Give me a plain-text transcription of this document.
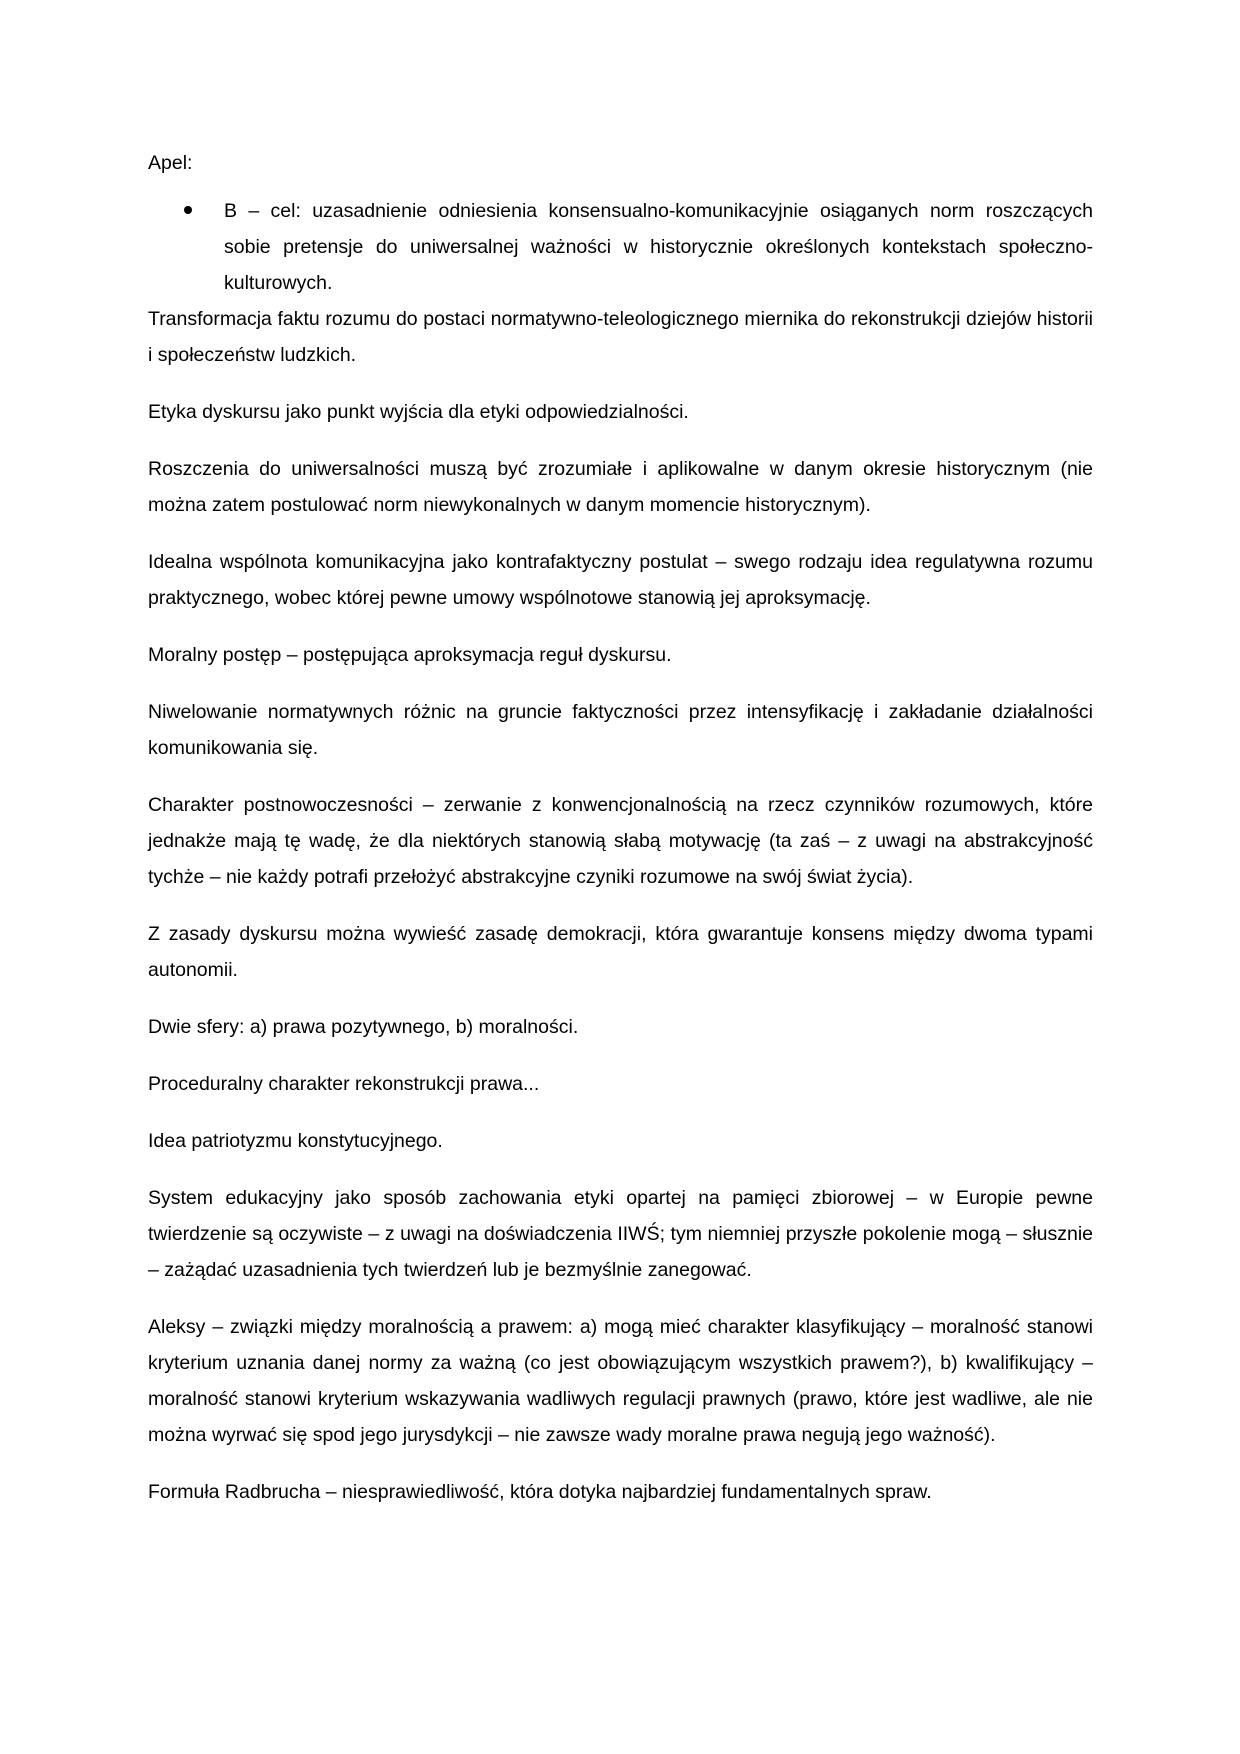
Apel:

B – cel: uzasadnienie odniesienia konsensualno-komunikacyjnie osiąganych norm roszczących sobie pretensje do uniwersalnej ważności w historycznie określonych kontekstach społeczno-kulturowych.

Transformacja faktu rozumu do postaci normatywno-teleologicznego miernika do rekonstrukcji dziejów historii i społeczeństw ludzkich.

Etyka dyskursu jako punkt wyjścia dla etyki odpowiedzialności.

Roszczenia do uniwersalności muszą być zrozumiałe i aplikowalne w danym okresie historycznym (nie można zatem postulować norm niewykonalnych w danym momencie historycznym).

Idealna wspólnota komunikacyjna jako kontrafaktyczny postulat – swego rodzaju idea regulatywna rozumu praktycznego, wobec której pewne umowy wspólnotowe stanowią jej aproksymację.

Moralny postęp – postępująca aproksymacja reguł dyskursu.

Niwelowanie normatywnych różnic na gruncie faktyczności przez intensyfikację i zakładanie działalności komunikowania się.

Charakter postnowoczesności – zerwanie z konwencjonalnością na rzecz czynników rozumowych, które jednakże mają tę wadę, że dla niektórych stanowią słabą motywację (ta zaś – z uwagi na abstrakcyjność tychże – nie każdy potrafi przełożyć abstrakcyjne czyniki rozumowe na swój świat życia).

Z zasady dyskursu można wywieść zasadę demokracji, która gwarantuje konsens między dwoma typami autonomii.

Dwie sfery: a) prawa pozytywnego, b) moralności.

Proceduralny charakter rekonstrukcji prawa...

Idea patriotyzmu konstytucyjnego.

System edukacyjny jako sposób zachowania etyki opartej na pamięci zbiorowej – w Europie pewne twierdzenie są oczywiste – z uwagi na doświadczenia IIWŚ; tym niemniej przyszłe pokolenie mogą – słusznie – zażądać uzasadnienia tych twierdzeń lub je bezmyślnie zanegować.

Aleksy – związki między moralnością a prawem: a) mogą mieć charakter klasyfikujący – moralność stanowi kryterium uznania danej normy za ważną (co jest obowiązującym wszystkich prawem?), b) kwalifikujący – moralność stanowi kryterium wskazywania wadliwych regulacji prawnych (prawo, które jest wadliwe, ale nie można wyrwać się spod jego jurysdykcji – nie zawsze wady moralne prawa negują jego ważność).

Formuła Radbrucha – niesprawiedliwość, która dotyka najbardziej fundamentalnych spraw.
